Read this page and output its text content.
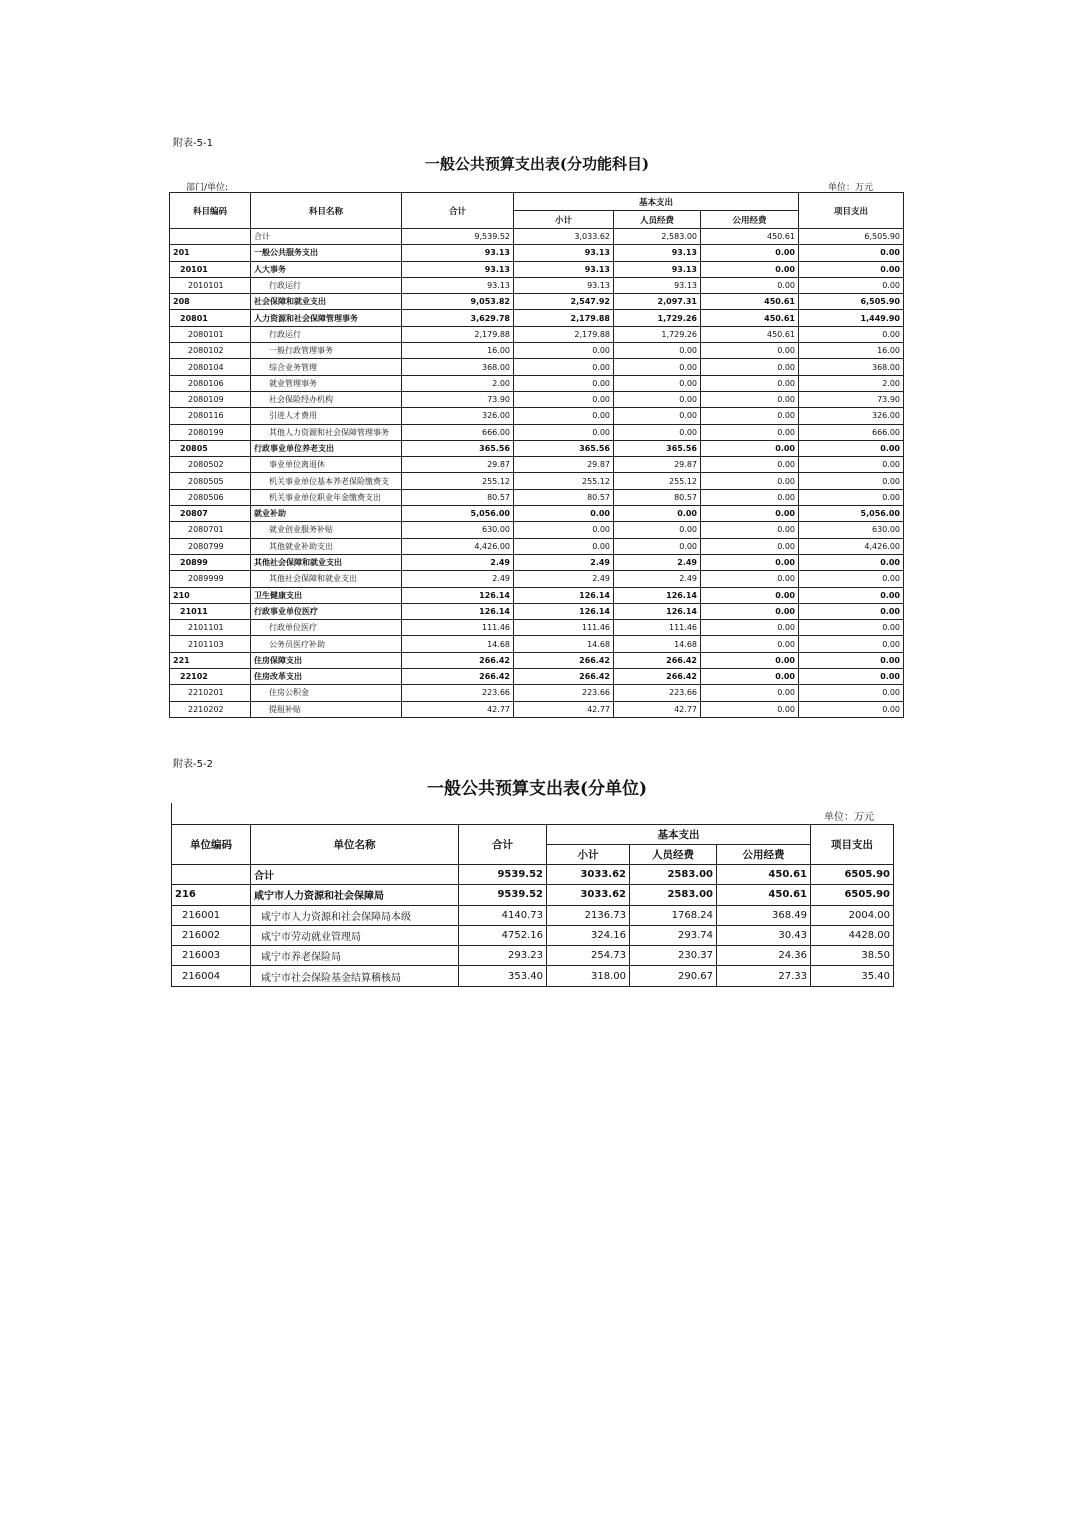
附表-5-1
一般公共预算支出表(分功能科目)
部门/单位:	单位：万元
科目编码	科目名称	合计	基本支出			项目支出
			小计	人员经费	公用经费	
	合计	9,539.52	3,033.62	2,583.00	450.61	6,505.90
201	一般公共服务支出	93.13	93.13	93.13	0.00	0.00
20101	人大事务	93.13	93.13	93.13	0.00	0.00
2010101	行政运行	93.13	93.13	93.13	0.00	0.00
208	社会保障和就业支出	9,053.82	2,547.92	2,097.31	450.61	6,505.90
20801	人力资源和社会保障管理事务	3,629.78	2,179.88	1,729.26	450.61	1,449.90
2080101	行政运行	2,179.88	2,179.88	1,729.26	450.61	0.00
2080102	一般行政管理事务	16.00	0.00	0.00	0.00	16.00
2080104	综合业务管理	368.00	0.00	0.00	0.00	368.00
2080106	就业管理事务	2.00	0.00	0.00	0.00	2.00
2080109	社会保险经办机构	73.90	0.00	0.00	0.00	73.90
2080116	引进人才费用	326.00	0.00	0.00	0.00	326.00
2080199	其他人力资源和社会保障管理事务	666.00	0.00	0.00	0.00	666.00
20805	行政事业单位养老支出	365.56	365.56	365.56	0.00	0.00
2080502	事业单位离退休	29.87	29.87	29.87	0.00	0.00
2080505	机关事业单位基本养老保险缴费支	255.12	255.12	255.12	0.00	0.00
2080506	机关事业单位职业年金缴费支出	80.57	80.57	80.57	0.00	0.00
20807	就业补助	5,056.00	0.00	0.00	0.00	5,056.00
2080701	就业创业服务补贴	630.00	0.00	0.00	0.00	630.00
2080799	其他就业补助支出	4,426.00	0.00	0.00	0.00	4,426.00
20899	其他社会保障和就业支出	2.49	2.49	2.49	0.00	0.00
2089999	其他社会保障和就业支出	2.49	2.49	2.49	0.00	0.00
210	卫生健康支出	126.14	126.14	126.14	0.00	0.00
21011	行政事业单位医疗	126.14	126.14	126.14	0.00	0.00
2101101	行政单位医疗	111.46	111.46	111.46	0.00	0.00
2101103	公务员医疗补助	14.68	14.68	14.68	0.00	0.00
221	住房保障支出	266.42	266.42	266.42	0.00	0.00
22102	住房改革支出	266.42	266.42	266.42	0.00	0.00
2210201	住房公积金	223.66	223.66	223.66	0.00	0.00
2210202	提租补贴	42.77	42.77	42.77	0.00	0.00
附表-5-2
一般公共预算支出表(分单位)
单位：万元
单位编码	单位名称	合计	基本支出			项目支出
			小计	人员经费	公用经费	
	合计	9539.52	3033.62	2583.00	450.61	6505.90
216	咸宁市人力资源和社会保障局	9539.52	3033.62	2583.00	450.61	6505.90
216001	咸宁市人力资源和社会保障局本级	4140.73	2136.73	1768.24	368.49	2004.00
216002	咸宁市劳动就业管理局	4752.16	324.16	293.74	30.43	4428.00
216003	咸宁市养老保险局	293.23	254.73	230.37	24.36	38.50
216004	咸宁市社会保险基金结算稽核局	353.40	318.00	290.67	27.33	35.40
